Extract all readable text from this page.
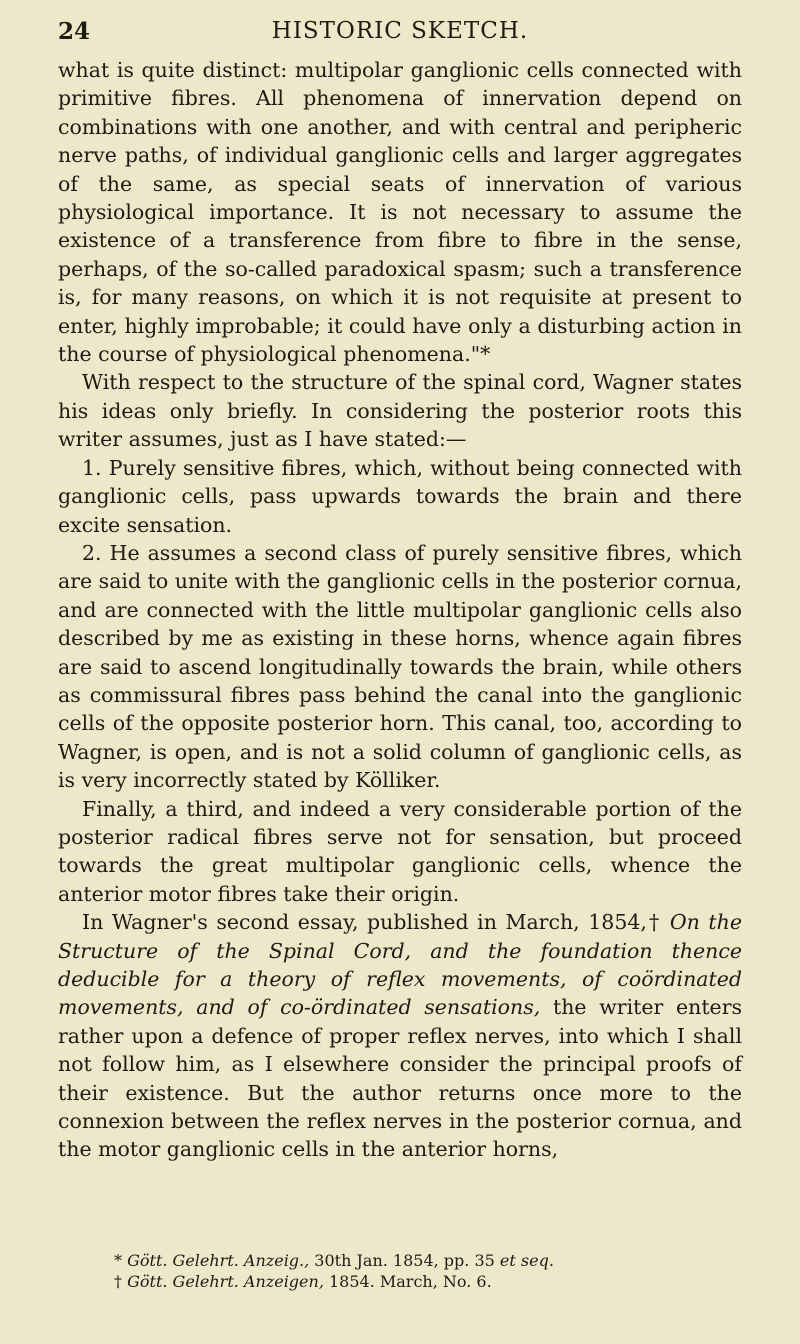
24	HISTORIC SKETCH.

what is quite distinct: multipolar ganglionic cells connected with primitive fibres. All phenomena of innervation depend on combinations with one another, and with central and peripheric nerve paths, of individual ganglionic cells and larger aggregates of the same, as special seats of innervation of various physiological importance. It is not necessary to assume the existence of a transference from fibre to fibre in the sense, perhaps, of the so-called paradoxical spasm; such a transference is, for many reasons, on which it is not requisite at present to enter, highly improbable; it could have only a disturbing action in the course of physiological phenomena."*

With respect to the structure of the spinal cord, Wagner states his ideas only briefly. In considering the posterior roots this writer assumes, just as I have stated:—

1. Purely sensitive fibres, which, without being connected with ganglionic cells, pass upwards towards the brain and there excite sensation.

2. He assumes a second class of purely sensitive fibres, which are said to unite with the ganglionic cells in the posterior cornua, and are connected with the little multipolar ganglionic cells also described by me as existing in these horns, whence again fibres are said to ascend longitudinally towards the brain, while others as commissural fibres pass behind the canal into the ganglionic cells of the opposite posterior horn. This canal, too, according to Wagner, is open, and is not a solid column of ganglionic cells, as is very incorrectly stated by Kölliker.

Finally, a third, and indeed a very considerable portion of the posterior radical fibres serve not for sensation, but proceed towards the great multipolar ganglionic cells, whence the anterior motor fibres take their origin.

In Wagner's second essay, published in March, 1854,† On the Structure of the Spinal Cord, and the foundation thence deducible for a theory of reflex movements, of coördinated movements, and of co-ördinated sensations, the writer enters rather upon a defence of proper reflex nerves, into which I shall not follow him, as I elsewhere consider the principal proofs of their existence. But the author returns once more to the connexion between the reflex nerves in the posterior cornua, and the motor ganglionic cells in the anterior horns,

* Gött. Gelehrt. Anzeig., 30th Jan. 1854, pp. 35 et seq.

† Gött. Gelehrt. Anzeigen, 1854. March, No. 6.
